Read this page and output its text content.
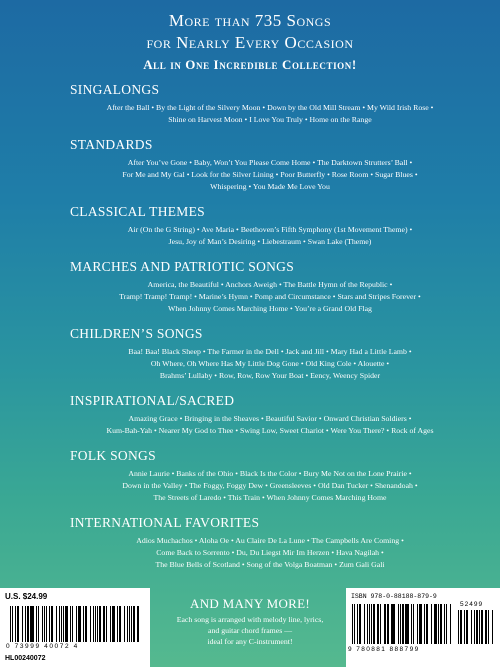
More than 735 Songs
for Nearly Every Occasion
All in One Incredible Collection!
SINGALONGS
After the Ball • By the Light of the Silvery Moon • Down by the Old Mill Stream • My Wild Irish Rose •
Shine on Harvest Moon • I Love You Truly • Home on the Range
STANDARDS
After You’ve Gone • Baby, Won’t You Please Come Home • The Darktown Strutters’ Ball •
For Me and My Gal • Look for the Silver Lining • Poor Butterfly • Rose Room • Sugar Blues •
Whispering • You Made Me Love You
CLASSICAL THEMES
Air (On the G String) • Ave Maria • Beethoven’s Fifth Symphony (1st Movement Theme) •
Jesu, Joy of Man’s Desiring • Liebestraum • Swan Lake (Theme)
MARCHES AND PATRIOTIC SONGS
America, the Beautiful • Anchors Aweigh • The Battle Hymn of the Republic •
Tramp! Tramp! Tramp! • Marine’s Hymn • Pomp and Circumstance • Stars and Stripes Forever •
When Johnny Comes Marching Home • You’re a Grand Old Flag
CHILDREN’S SONGS
Baa! Baa! Black Sheep • The Farmer in the Dell • Jack and Jill • Mary Had a Little Lamb •
Oh Where, Oh Where Has My Little Dog Gone • Old King Cole • Alouette •
Brahms’ Lullaby • Row, Row, Row Your Boat • Eency, Weency Spider
INSPIRATIONAL/SACRED
Amazing Grace • Bringing in the Sheaves • Beautiful Savior • Onward Christian Soldiers •
Kum-Bah-Yah • Nearer My God to Thee • Swing Low, Sweet Chariot • Were You There? • Rock of Ages
FOLK SONGS
Annie Laurie • Banks of the Ohio • Black Is the Color • Bury Me Not on the Lone Prairie •
Down in the Valley • The Foggy, Foggy Dew • Greensleeves • Old Dan Tucker • Shenandoah •
The Streets of Laredo • This Train • When Johnny Comes Marching Home
INTERNATIONAL FAVORITES
Adios Muchachos • Aloha Oe • Au Claire De La Lune • The Campbells Are Coming •
Come Back to Sorrento • Du, Du Liegst Mir Im Herzen • Hava Nagilah •
The Blue Bells of Scotland • Song of the Volga Boatman • Zum Gali Gali
AND MANY MORE!
Each song is arranged with melody line, lyrics,
and guitar chord frames —
ideal for any C-instrument!
U.S. $24.99
0 73999 40072 4
HL00240072
ISBN 978-0-88188-879-9
52499
9 780881 888799
